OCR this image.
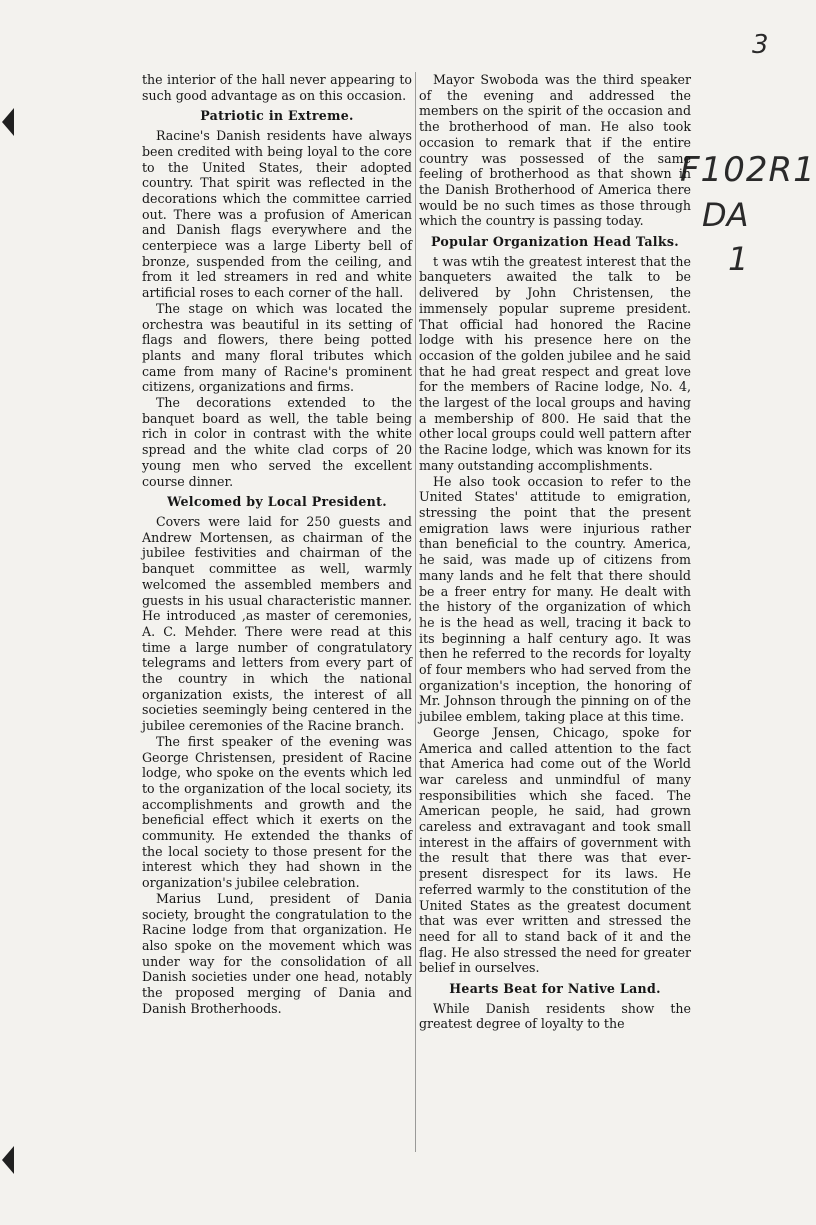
3
F102R1
DA
1

the interior of the hall never appearing to such good advantage as on this occasion.

Patriotic in Extreme.

Racine's Danish residents have always been credited with being loyal to the core to the United States, their adopted country. That spirit was reflected in the decorations which the committee carried out. There was a profusion of American and Danish flags everywhere and the centerpiece was a large Liberty bell of bronze, suspended from the ceiling, and from it led streamers in red and white artificial roses to each corner of the hall.

The stage on which was located the orchestra was beautiful in its setting of flags and flowers, there being potted plants and many floral tributes which came from many of Racine's prominent citizens, organizations and firms.

The decorations extended to the banquet board as well, the table being rich in color in contrast with the white spread and the white clad corps of 20 young men who served the excellent course dinner.

Welcomed by Local President.

Covers were laid for 250 guests and Andrew Mortensen, as chairman of the jubilee festivities and chairman of the banquet committee as well, warmly welcomed the assembled members and guests in his usual characteristic manner. He introduced ,as master of ceremonies, A. C. Mehder. There were read at this time a large number of congratulatory telegrams and letters from every part of the country in which the national organization exists, the interest of all societies seemingly being centered in the jubilee ceremonies of the Racine branch.

The first speaker of the evening was George Christensen, president of Racine lodge, who spoke on the events which led to the organization of the local society, its accomplishments and growth and the beneficial effect which it exerts on the community. He extended the thanks of the local society to those present for the interest which they had shown in the organization's jubilee celebration.

Marius Lund, president of Dania society, brought the congratulation to the Racine lodge from that organization. He also spoke on the movement which was under way for the consolidation of all Danish societies under one head, notably the proposed merging of Dania and Danish Brotherhoods.

Mayor Swoboda was the third speaker of the evening and addressed the members on the spirit of the occasion and the brotherhood of man. He also took occasion to remark that if the entire country was possessed of the same feeling of brotherhood as that shown in the Danish Brotherhood of America there would be no such times as those through which the country is passing today.

Popular Organization Head Talks.

t was wtih the greatest interest that the banqueters awaited the talk to be delivered by John Christensen, the immensely popular supreme president. That official had honored the Racine lodge with his presence here on the occasion of the golden jubilee and he said that he had great respect and great love for the members of Racine lodge, No. 4, the largest of the local groups and having a membership of 800. He said that the other local groups could well pattern after the Racine lodge, which was known for its many outstanding accomplishments.

He also took occasion to refer to the United States' attitude to emigration, stressing the point that the present emigration laws were injurious rather than beneficial to the country. America, he said, was made up of citizens from many lands and he felt that there should be a freer entry for many. He dealt with the history of the organization of which he is the head as well, tracing it back to its beginning a half century ago. It was then he referred to the records for loyalty of four members who had served from the organization's inception, the honoring of Mr. Johnson through the pinning on of the jubilee emblem, taking place at this time.

George Jensen, Chicago, spoke for America and called attention to the fact that America had come out of the World war careless and unmindful of many responsibilities which she faced. The American people, he said, had grown careless and extravagant and took small interest in the affairs of government with the result that there was that ever-present disrespect for its laws. He referred warmly to the constitution of the United States as the greatest document that was ever written and stressed the need for all to stand back of it and the flag. He also stressed the need for greater belief in ourselves.

Hearts Beat for Native Land.

While Danish residents show the greatest degree of loyalty to the
